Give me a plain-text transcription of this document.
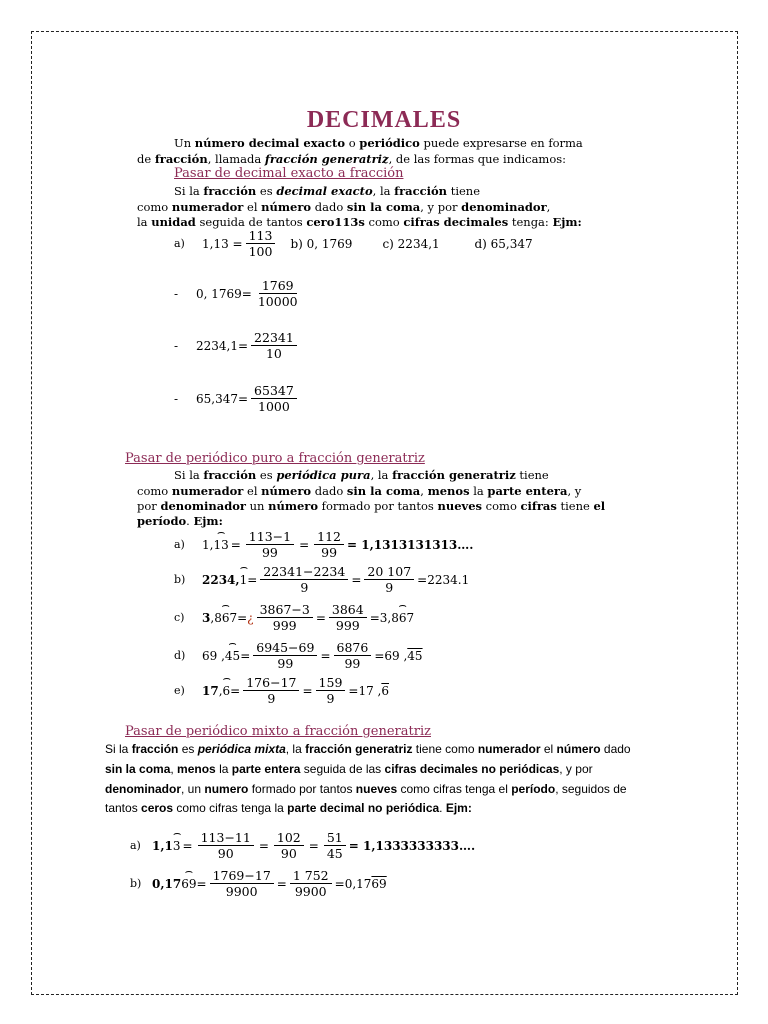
DECIMALES
Un número decimal exacto o periódico puede expresarse en forma
de fracción, llamada fracción generatriz, de las formas que indicamos:
Pasar de decimal exacto a fracción
Si la fracción es decimal exacto, la fracción tiene
como numerador el número dado sin la coma, y por denominador,
la unidad seguida de tantos cero113s como cifras decimales tenga: Ejm:
a)	$1,13 = \frac{113}{100} b$) 0, 1769	c) 2234,1	d) 65,347
-	0, $1769= \frac{1769}{10000}$
-	$2234,1= \frac{22341}{10}$
-	$65,347= \frac{65347}{1000}$
Pasar de periódico puro a fracción generatriz
Si la fracción es periódica pura, la fracción generatriz tiene
como numerador el número dado sin la coma, menos la parte entera, y
por denominador un número formado por tantos nueves como cifras tiene el
período. Ejm:
a)	1, ⌢ $13 = \frac{113-1}{99} = \frac{112}{99}$ = 1,1313131313….
b)	2234, ⌢ $1 = \frac{22341-2234}{9} = \frac{20 107}{9} =2234.1$
c)	3 , ⌢ 867 = ¿ $\frac{3867-3}{999} = \frac{3864}{999} =3$, ⌢ 867
d)	69 , ⌢ $45 = \frac{6945-69}{99} = \frac{6876}{99} =69$ , 45
e)	17 , ⌢ $6 = \frac{176-17}{9} = \frac{159}{9} =17$ , 6
Pasar de periódico mixto a fracción generatriz
Si la fracción es periódica mixta, la fracción generatriz tiene como numerador el número dado
sin la coma, menos la parte entera seguida de las cifras decimales no periódicas, y por
denominador, un numero formado por tantos nueves como cifras tenga el período, seguidos de
tantos ceros como cifras tenga la parte decimal no periódica. Ejm:
a) 1,1 ⌢ $3 = \frac{113-11}{90} = \frac{102}{90} = \frac{51}{45}$ = 1,1333333333….
b) 0,17 ⌢ $69 = \frac{1769-17}{9900} = \frac{1 752}{9900} =0,17$ 69
